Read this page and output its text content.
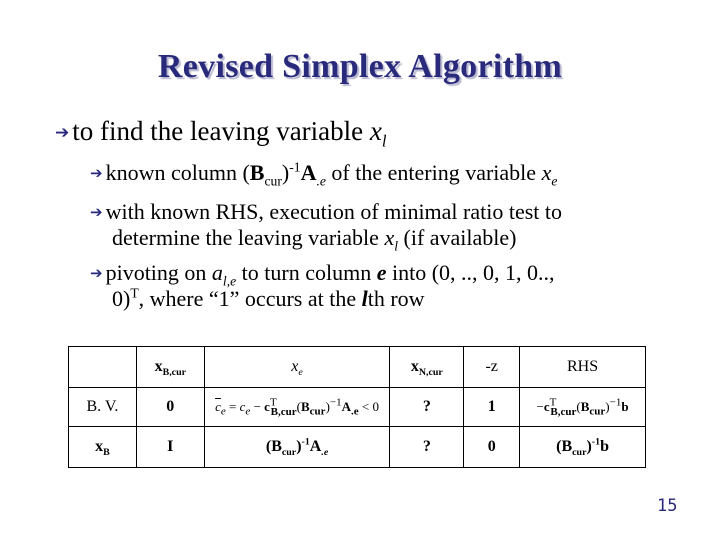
Revised Simplex Algorithm
➔ to find the leaving variable $x_l$
➔ known column $(B_{cur})^{-1}A_{.e}$ of the entering variable $x_e$
➔ with known RHS, execution of minimal ratio test to
determine the leaving variable $x_l$ (if available)
➔ pivoting on $a_{l,e}$ to turn column e into (0, .., 0, 1, 0..,
0)$^T$, where “1” occurs at the lth row
	$x_{B,cur}$	$x_e$	$x_{N,cur}$	-z	RHS
B. V.	0	$\overline{c}_e = c_e - c^T_{B,cur}(B_{cur})^{-1}A_{.e} < 0$	?	1	$-c^T_{B,cur}(B_{cur})^{-1}b$
$x_B$	I	$(B_{cur})^{-1}A_{.e}$	?	0	$(B_{cur})^{-1}b$
15
